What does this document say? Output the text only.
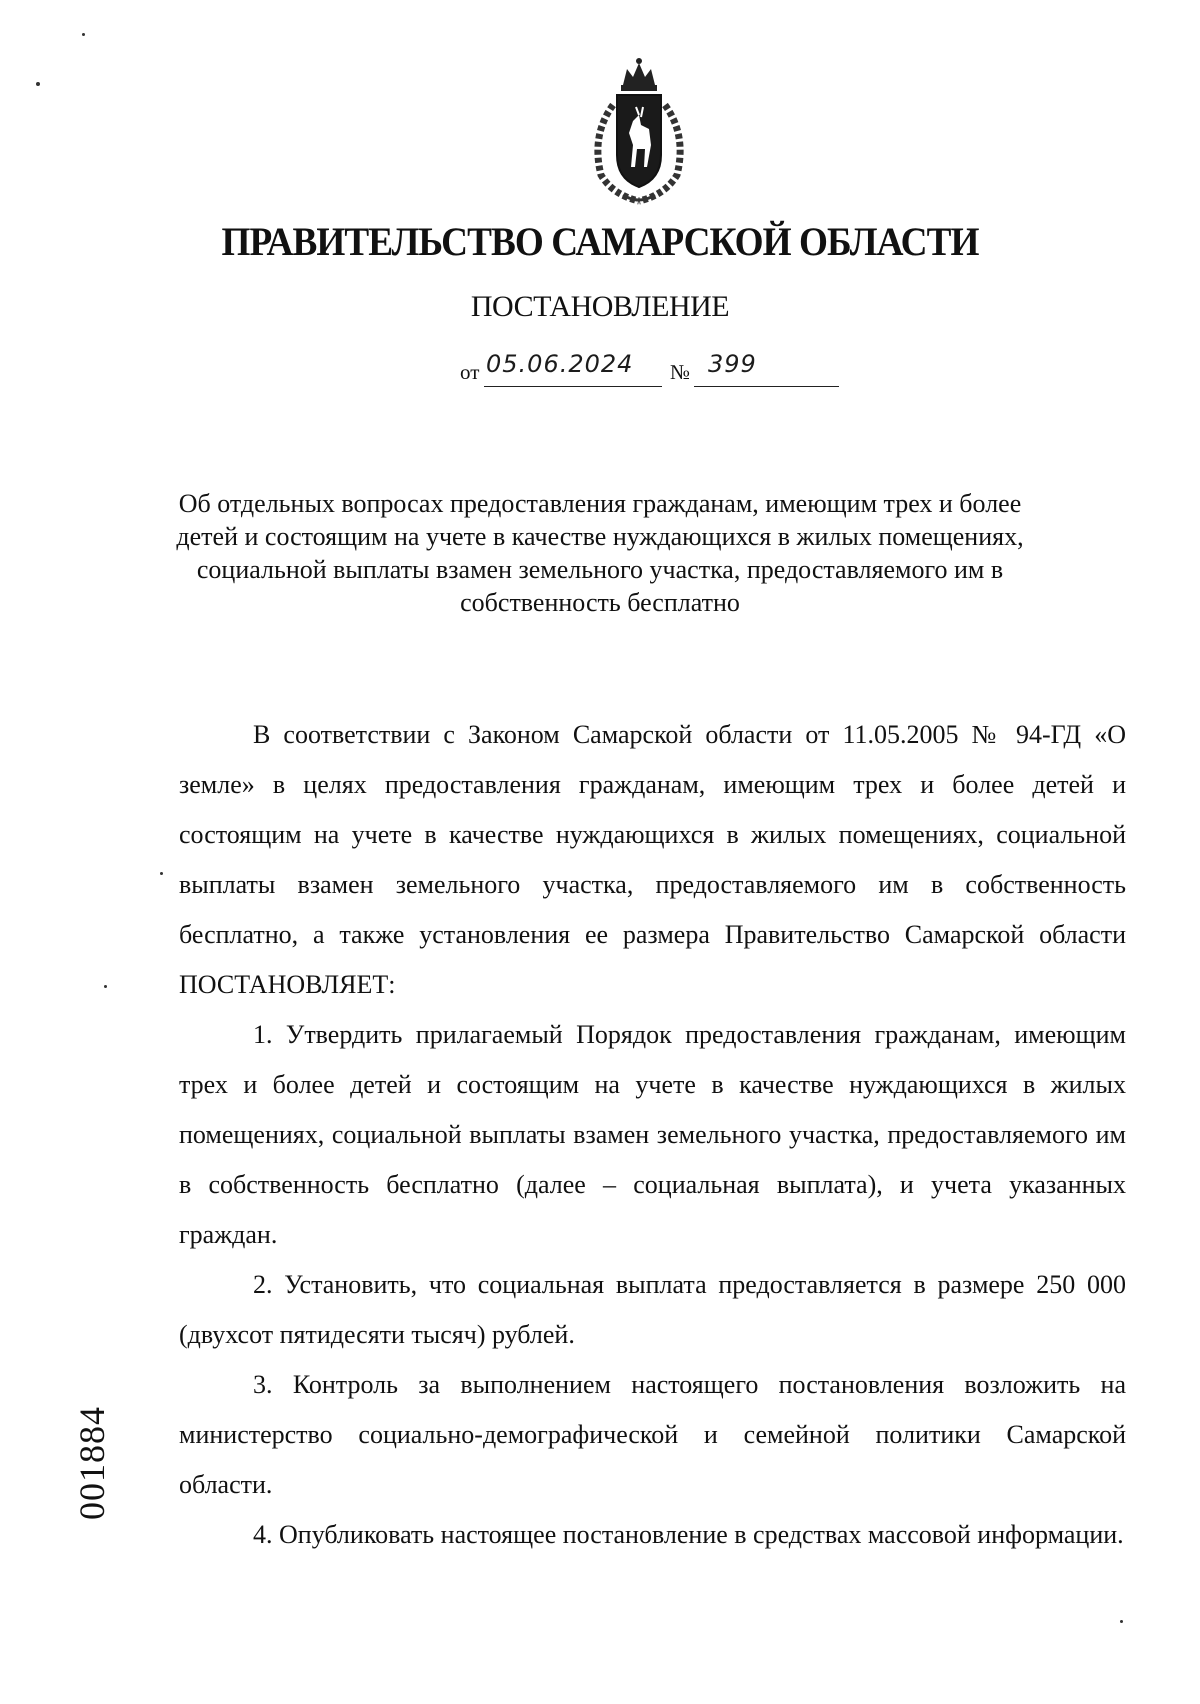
ПРАВИТЕЛЬСТВО САМАРСКОЙ ОБЛАСТИ
ПОСТАНОВЛЕНИЕ
от 05.06.2024 № 399
Об отдельных вопросах предоставления гражданам, имеющим трех и более детей и состоящим на учете в качестве нуждающихся в жилых помещениях, социальной выплаты взамен земельного участка, предоставляемого им в собственность бесплатно

В соответствии с Законом Самарской области от 11.05.2005 № 94-ГД «О земле» в целях предоставления гражданам, имеющим трех и более детей и состоящим на учете в качестве нуждающихся в жилых помещениях, социальной выплаты взамен земельного участка, предоставляемого им в собственность бесплатно, а также установления ее размера Правительство Самарской области ПОСТАНОВЛЯЕТ:

1. Утвердить прилагаемый Порядок предоставления гражданам, имеющим трех и более детей и состоящим на учете в качестве нуждающихся в жилых помещениях, социальной выплаты взамен земельного участка, предоставляемого им в собственность бесплатно (далее – социальная выплата), и учета указанных граждан.

2. Установить, что социальная выплата предоставляется в размере 250 000 (двухсот пятидесяти тысяч) рублей.

3. Контроль за выполнением настоящего постановления возложить на министерство социально-демографической и семейной политики Самарской области.

4. Опубликовать настоящее постановление в средствах массовой информации.

001884
